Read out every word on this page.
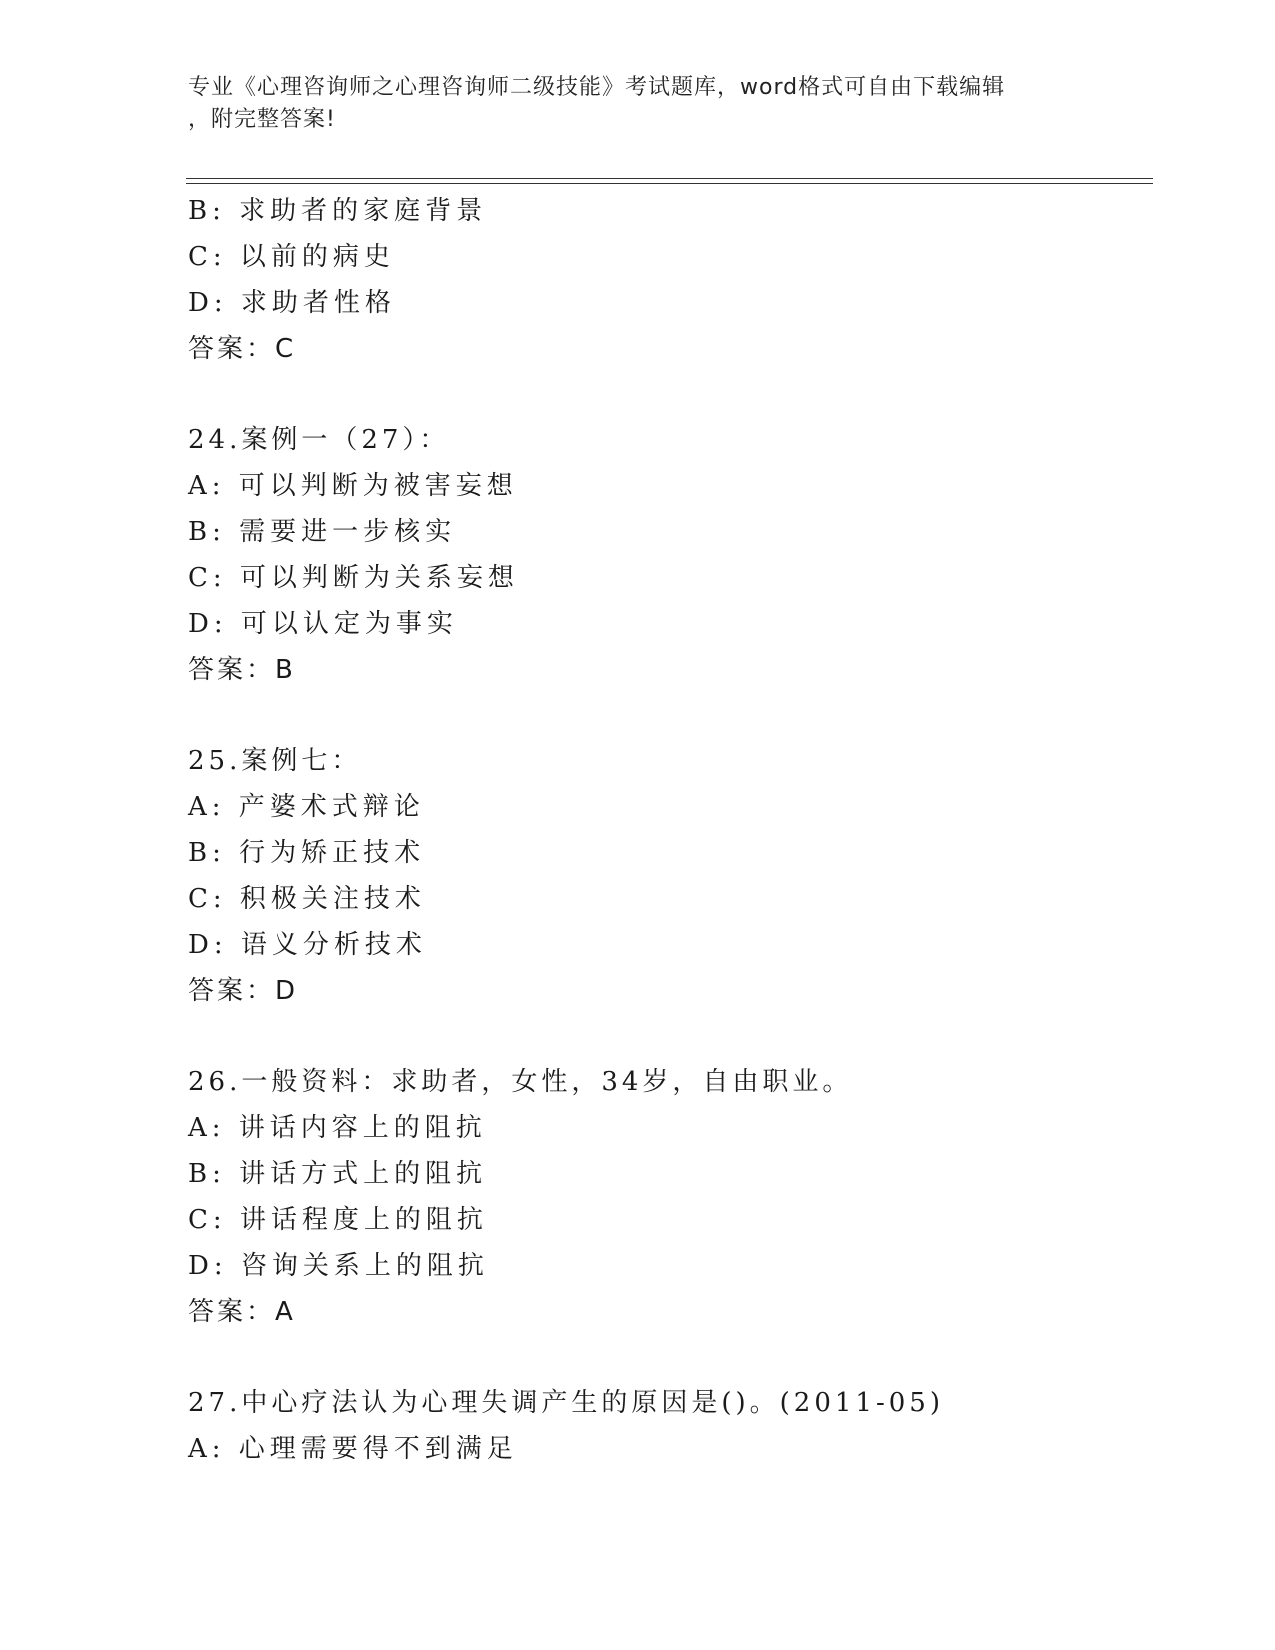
专业《心理咨询师之心理咨询师二级技能》考试题库，word格式可自由下载编辑
，附完整答案!
B: 求助者的家庭背景
C: 以前的病史
D: 求助者性格
答案：C
24.案例一（27）：
A: 可以判断为被害妄想
B: 需要进一步核实
C: 可以判断为关系妄想
D: 可以认定为事实
答案：B
25.案例七：
A: 产婆术式辩论
B: 行为矫正技术
C: 积极关注技术
D: 语义分析技术
答案：D
26.一般资料：求助者，女性，34岁，自由职业。
A: 讲话内容上的阻抗
B: 讲话方式上的阻抗
C: 讲话程度上的阻抗
D: 咨询关系上的阻抗
答案：A
27.中心疗法认为心理失调产生的原因是()。(2011-05)
A: 心理需要得不到满足
